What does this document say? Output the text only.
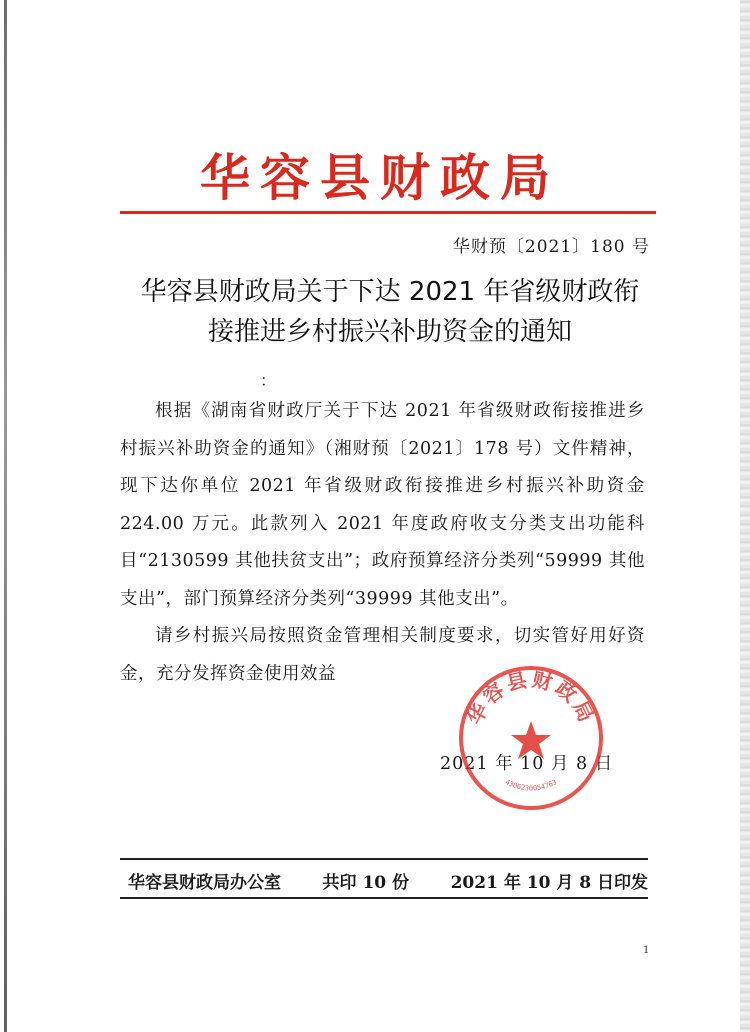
华容县财政局
华财预〔2021〕180 号
华容县财政局关于下达 2021 年省级财政衔
接推进乡村振兴补助资金的通知
：

根据《湖南省财政厅关于下达 2021 年省级财政衔接推进乡村振兴补助资金的通知》（湘财预〔2021〕178 号）文件精神，现下达你单位 2021 年省级财政衔接推进乡村振兴补助资金 224.00 万元。此款列入 2021 年度政府收支分类支出功能科目“2130599 其他扶贫支出”；政府预算经济分类列“59999 其他支出”，部门预算经济分类列“39999 其他支出”。

请乡村振兴局按照资金管理相关制度要求，切实管好用好资金，充分发挥资金使用效益

2021 年 10 月 8 日
华容县财政局
4306230054763
华容县财政局办公室 共印 10 份 2021 年 10 月 8 日印发
1
